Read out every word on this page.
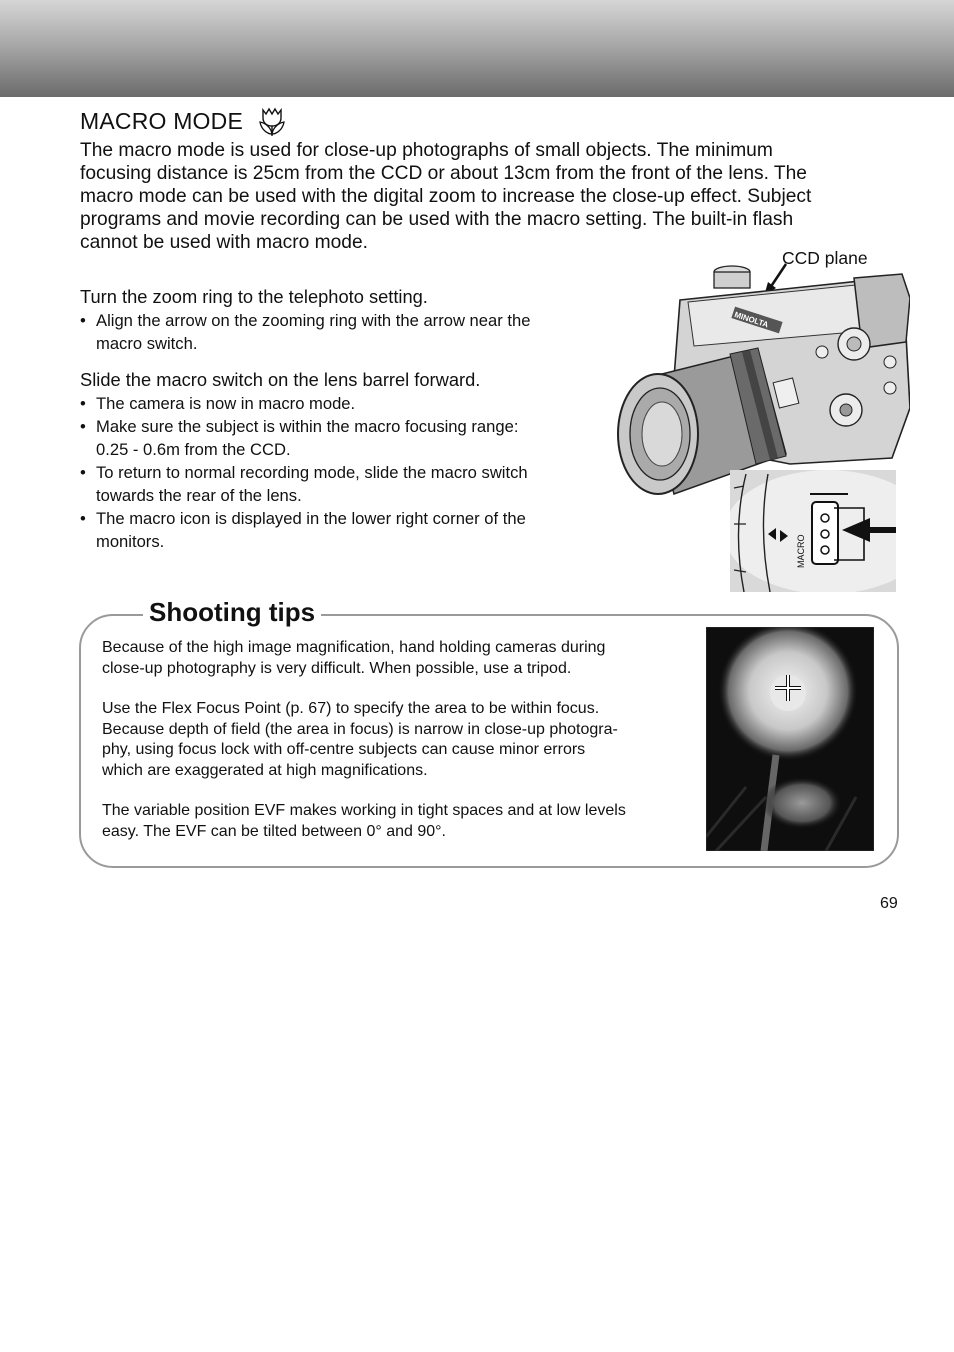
MACRO MODE

The macro mode is used for close-up photographs of small objects. The minimum
focusing distance is 25cm from the CCD or about 13cm from the front of the lens. The
macro mode can be used with the digital zoom to increase the close-up effect. Subject
programs and movie recording can be used with the macro setting. The built-in flash
cannot be used with macro mode.

Turn the zoom ring to the telephoto setting.

• Align the arrow on the zooming ring with the arrow near the
macro switch.

Slide the macro switch on the lens barrel forward.

• The camera is now in macro mode.
• Make sure the subject is within the macro focusing range:
0.25 - 0.6m from the CCD.
• To return to normal recording mode, slide the macro switch
towards the rear of the lens.
• The macro icon is displayed in the lower right corner of the
monitors.
CCD plane
MINOLTA
MACRO
Shooting tips

Because of the high image magnification, hand holding cameras during
close-up photography is very difficult. When possible, use a tripod.

Use the Flex Focus Point (p. 67) to specify the area to be within focus.
Because depth of field (the area in focus) is narrow in close-up photogra-
phy, using focus lock with off-centre subjects can cause minor errors
which are exaggerated at high magnifications.

The variable position EVF makes working in tight spaces and at low levels
easy. The EVF can be tilted between 0° and 90°.

69
